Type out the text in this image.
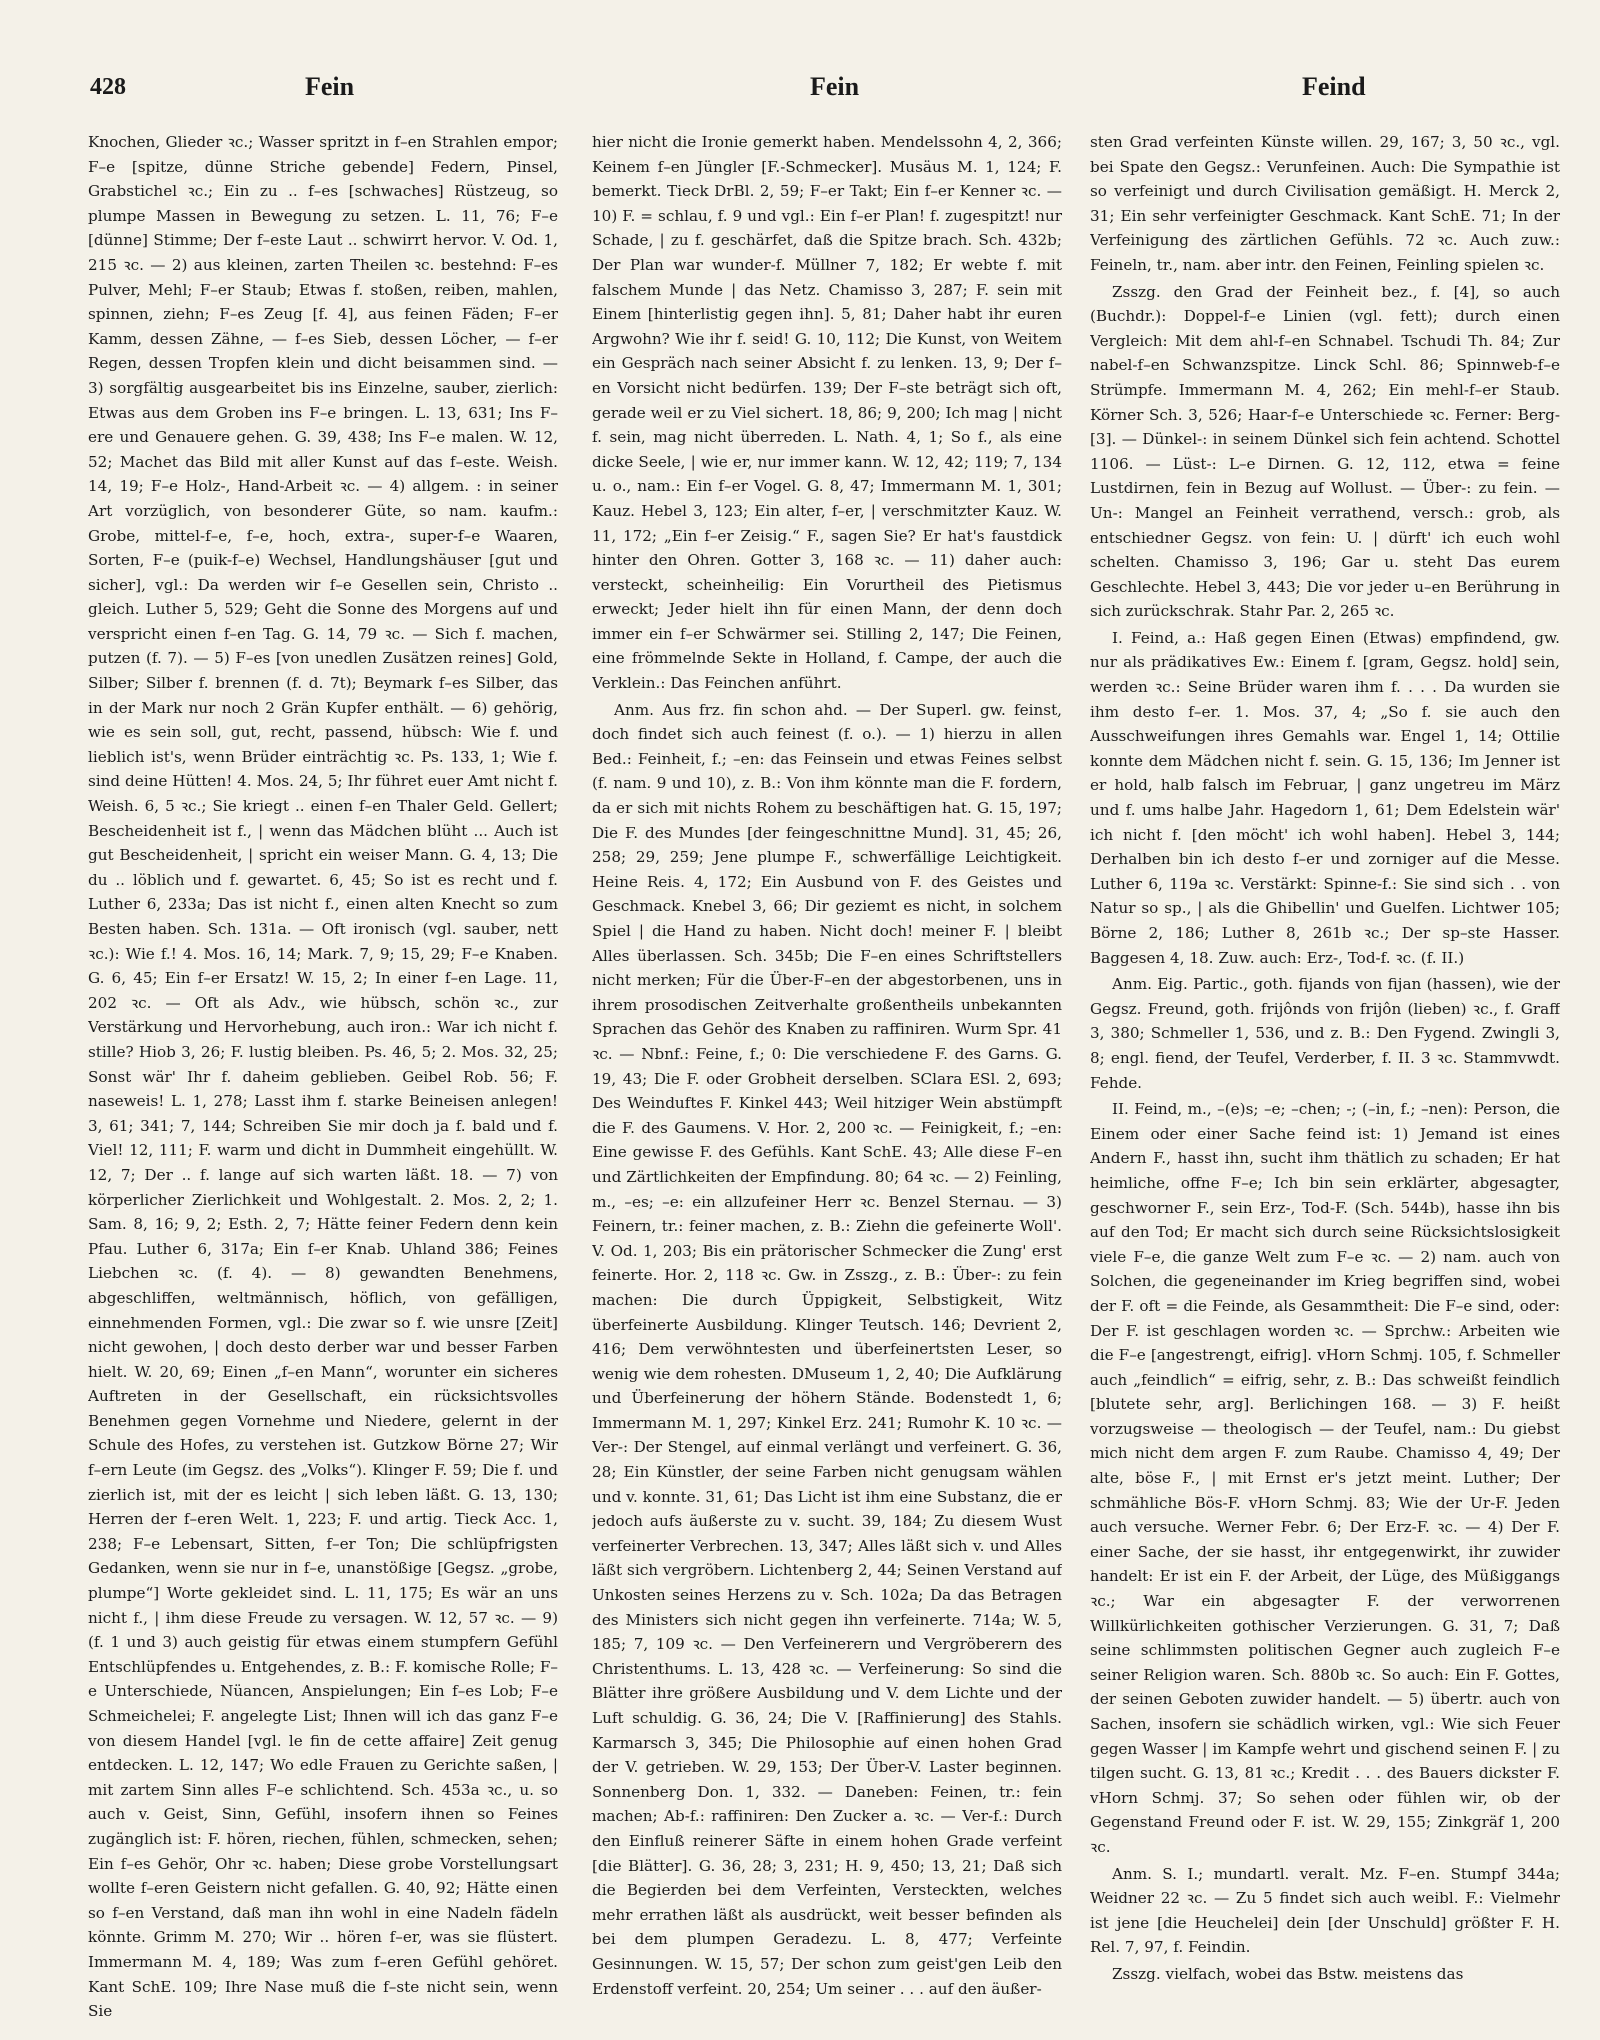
428	Fein	Fein	Feind

Knochen, Glieder ꝛc.; Wasser spritzt in f–en Strahlen empor; F–e [spitze, dünne Striche gebende] Federn, Pinsel, Grabstichel ꝛc.; Ein zu .. f–es [schwaches] Rüstzeug, so plumpe Massen in Bewegung zu setzen. L. 11, 76; F–e [dünne] Stimme; Der f–este Laut .. schwirrt hervor. V. Od. 1, 215 ꝛc. — 2) aus kleinen, zarten Theilen ꝛc. bestehnd: F–es Pulver, Mehl; F–er Staub; Etwas f. stoßen, reiben, mahlen, spinnen, ziehn; F–es Zeug [f. 4], aus feinen Fäden; F–er Kamm, dessen Zähne, — f–es Sieb, dessen Löcher, — f–er Regen, dessen Tropfen klein und dicht beisammen sind. — 3) sorgfältig ausgearbeitet bis ins Einzelne, sauber, zierlich: Etwas aus dem Groben ins F–e bringen. L. 13, 631; Ins F–ere und Genauere gehen. G. 39, 438; Ins F–e malen. W. 12, 52; Machet das Bild mit aller Kunst auf das f–este. Weish. 14, 19; F–e Holz-, Hand-Arbeit ꝛc. — 4) allgem. : in seiner Art vorzüglich, von besonderer Güte, so nam. kaufm.: Grobe, mittel-f–e, f–e, hoch, extra-, super-f–e Waaren, Sorten, F–e (puik-f–e) Wechsel, Handlungshäuser [gut und sicher], vgl.: Da werden wir f–e Gesellen sein, Christo .. gleich. Luther 5, 529; Geht die Sonne des Morgens auf und verspricht einen f–en Tag. G. 14, 79 ꝛc. — Sich f. machen, putzen (f. 7). — 5) F–es [von unedlen Zusätzen reines] Gold, Silber; Silber f. brennen (f. d. 7t); Beymark f–es Silber, das in der Mark nur noch 2 Grän Kupfer enthält. — 6) gehörig, wie es sein soll, gut, recht, passend, hübsch: Wie f. und lieblich ist's, wenn Brüder einträchtig ꝛc. Ps. 133, 1; Wie f. sind deine Hütten! 4. Mos. 24, 5; Ihr führet euer Amt nicht f. Weish. 6, 5 ꝛc.; Sie kriegt .. einen f–en Thaler Geld. Gellert; Bescheidenheit ist f., | wenn das Mädchen blüht ... Auch ist gut Bescheidenheit, | spricht ein weiser Mann. G. 4, 13; Die du .. löblich und f. gewartet. 6, 45; So ist es recht und f. Luther 6, 233a; Das ist nicht f., einen alten Knecht so zum Besten haben. Sch. 131a. — Oft ironisch (vgl. sauber, nett ꝛc.): Wie f.! 4. Mos. 16, 14; Mark. 7, 9; 15, 29; F–e Knaben. G. 6, 45; Ein f–er Ersatz! W. 15, 2; In einer f–en Lage. 11, 202 ꝛc. — Oft als Adv., wie hübsch, schön ꝛc., zur Verstärkung und Hervorhebung, auch iron.: War ich nicht f. stille? Hiob 3, 26; F. lustig bleiben. Ps. 46, 5; 2. Mos. 32, 25; Sonst wär' Ihr f. daheim geblieben. Geibel Rob. 56; F. naseweis! L. 1, 278; Lasst ihm f. starke Beineisen anlegen! 3, 61; 341; 7, 144; Schreiben Sie mir doch ja f. bald und f. Viel! 12, 111; F. warm und dicht in Dummheit eingehüllt. W. 12, 7; Der .. f. lange auf sich warten läßt. 18. — 7) von körperlicher Zierlichkeit und Wohlgestalt. 2. Mos. 2, 2; 1. Sam. 8, 16; 9, 2; Esth. 2, 7; Hätte feiner Federn denn kein Pfau. Luther 6, 317a; Ein f–er Knab. Uhland 386; Feines Liebchen ꝛc. (f. 4). — 8) gewandten Benehmens, abgeschliffen, weltmännisch, höflich, von gefälligen, einnehmenden Formen, vgl.: Die zwar so f. wie unsre [Zeit] nicht gewohen, | doch desto derber war und besser Farben hielt. W. 20, 69; Einen „f–en Mann“, worunter ein sicheres Auftreten in der Gesellschaft, ein rücksichtsvolles Benehmen gegen Vornehme und Niedere, gelernt in der Schule des Hofes, zu verstehen ist. Gutzkow Börne 27; Wir f–ern Leute (im Gegsz. des „Volks“). Klinger F. 59; Die f. und zierlich ist, mit der es leicht | sich leben läßt. G. 13, 130; Herren der f–eren Welt. 1, 223; F. und artig. Tieck Acc. 1, 238; F–e Lebensart, Sitten, f–er Ton; Die schlüpfrigsten Gedanken, wenn sie nur in f–e, unanstößige [Gegsz. „grobe, plumpe“] Worte gekleidet sind. L. 11, 175; Es wär an uns nicht f., | ihm diese Freude zu versagen. W. 12, 57 ꝛc. — 9) (f. 1 und 3) auch geistig für etwas einem stumpfern Gefühl Entschlüpfendes u. Entgehendes, z. B.: F. komische Rolle; F–e Unterschiede, Nüancen, Anspielungen; Ein f–es Lob; F–e Schmeichelei; F. angelegte List; Ihnen will ich das ganz F–e von diesem Handel [vgl. le fin de cette affaire] Zeit genug entdecken. L. 12, 147; Wo edle Frauen zu Gerichte saßen, | mit zartem Sinn alles F–e schlichtend. Sch. 453a ꝛc., u. so auch v. Geist, Sinn, Gefühl, insofern ihnen so Feines zugänglich ist: F. hören, riechen, fühlen, schmecken, sehen; Ein f–es Gehör, Ohr ꝛc. haben; Diese grobe Vorstellungsart wollte f–eren Geistern nicht gefallen. G. 40, 92; Hätte einen so f–en Verstand, daß man ihn wohl in eine Nadeln fädeln könnte. Grimm M. 270; Wir .. hören f–er, was sie flüstert. Immermann M. 4, 189; Was zum f–eren Gefühl gehöret. Kant SchE. 109; Ihre Nase muß die f–ste nicht sein, wenn Sie

hier nicht die Ironie gemerkt haben. Mendelssohn 4, 2, 366; Keinem f–en Jüngler [F.-Schmecker]. Musäus M. 1, 124; F. bemerkt. Tieck DrBl. 2, 59; F–er Takt; Ein f–er Kenner ꝛc. — 10) F. = schlau, f. 9 und vgl.: Ein f–er Plan! f. zugespitzt! nur Schade, | zu f. geschärfet, daß die Spitze brach. Sch. 432b; Der Plan war wunder-f. Müllner 7, 182; Er webte f. mit falschem Munde | das Netz. Chamisso 3, 287; F. sein mit Einem [hinterlistig gegen ihn]. 5, 81; Daher habt ihr euren Argwohn? Wie ihr f. seid! G. 10, 112; Die Kunst, von Weitem ein Gespräch nach seiner Absicht f. zu lenken. 13, 9; Der f–en Vorsicht nicht bedürfen. 139; Der F–ste beträgt sich oft, gerade weil er zu Viel sichert. 18, 86; 9, 200; Ich mag | nicht f. sein, mag nicht überreden. L. Nath. 4, 1; So f., als eine dicke Seele, | wie er, nur immer kann. W. 12, 42; 119; 7, 134 u. o., nam.: Ein f–er Vogel. G. 8, 47; Immermann M. 1, 301; Kauz. Hebel 3, 123; Ein alter, f–er, | verschmitzter Kauz. W. 11, 172; „Ein f–er Zeisig.“ F., sagen Sie? Er hat's faustdick hinter den Ohren. Gotter 3, 168 ꝛc. — 11) daher auch: versteckt, scheinheilig: Ein Vorurtheil des Pietismus erweckt; Jeder hielt ihn für einen Mann, der denn doch immer ein f–er Schwärmer sei. Stilling 2, 147; Die Feinen, eine frömmelnde Sekte in Holland, f. Campe, der auch die Verklein.: Das Feinchen anführt.

Anm. Aus frz. fin schon ahd. — Der Superl. gw. feinst, doch findet sich auch feinest (f. o.). — 1) hierzu in allen Bed.: Feinheit, f.; –en: das Feinsein und etwas Feines selbst (f. nam. 9 und 10), z. B.: Von ihm könnte man die F. fordern, da er sich mit nichts Rohem zu beschäftigen hat. G. 15, 197; Die F. des Mundes [der feingeschnittne Mund]. 31, 45; 26, 258; 29, 259; Jene plumpe F., schwerfällige Leichtigkeit. Heine Reis. 4, 172; Ein Ausbund von F. des Geistes und Geschmack. Knebel 3, 66; Dir geziemt es nicht, in solchem Spiel | die Hand zu haben. Nicht doch! meiner F. | bleibt Alles überlassen. Sch. 345b; Die F–en eines Schriftstellers nicht merken; Für die Über-F–en der abgestorbenen, uns in ihrem prosodischen Zeitverhalte großentheils unbekannten Sprachen das Gehör des Knaben zu raffiniren. Wurm Spr. 41 ꝛc. — Nbnf.: Feine, f.; 0: Die verschiedene F. des Garns. G. 19, 43; Die F. oder Grobheit derselben. SClara ESl. 2, 693; Des Weinduftes F. Kinkel 443; Weil hitziger Wein abstümpft die F. des Gaumens. V. Hor. 2, 200 ꝛc. — Feinigkeit, f.; –en: Eine gewisse F. des Gefühls. Kant SchE. 43; Alle diese F–en und Zärtlichkeiten der Empfindung. 80; 64 ꝛc. — 2) Feinling, m., –es; –e: ein allzufeiner Herr ꝛc. Benzel Sternau. — 3) Feinern, tr.: feiner machen, z. B.: Ziehn die gefeinerte Woll'. V. Od. 1, 203; Bis ein prätorischer Schmecker die Zung' erst feinerte. Hor. 2, 118 ꝛc. Gw. in Zsszg., z. B.: Über-: zu fein machen: Die durch Üppigkeit, Selbstigkeit, Witz überfeinerte Ausbildung. Klinger Teutsch. 146; Devrient 2, 416; Dem verwöhntesten und überfeinertsten Leser, so wenig wie dem rohesten. DMuseum 1, 2, 40; Die Aufklärung und Überfeinerung der höhern Stände. Bodenstedt 1, 6; Immermann M. 1, 297; Kinkel Erz. 241; Rumohr K. 10 ꝛc. — Ver-: Der Stengel, auf einmal verlängt und verfeinert. G. 36, 28; Ein Künstler, der seine Farben nicht genugsam wählen und v. konnte. 31, 61; Das Licht ist ihm eine Substanz, die er jedoch aufs äußerste zu v. sucht. 39, 184; Zu diesem Wust verfeinerter Verbrechen. 13, 347; Alles läßt sich v. und Alles läßt sich vergröbern. Lichtenberg 2, 44; Seinen Verstand auf Unkosten seines Herzens zu v. Sch. 102a; Da das Betragen des Ministers sich nicht gegen ihn verfeinerte. 714a; W. 5, 185; 7, 109 ꝛc. — Den Verfeinerern und Vergröberern des Christenthums. L. 13, 428 ꝛc. — Verfeinerung: So sind die Blätter ihre größere Ausbildung und V. dem Lichte und der Luft schuldig. G. 36, 24; Die V. [Raffinierung] des Stahls. Karmarsch 3, 345; Die Philosophie auf einen hohen Grad der V. getrieben. W. 29, 153; Der Über-V. Laster beginnen. Sonnenberg Don. 1, 332. — Daneben: Feinen, tr.: fein machen; Ab-f.: raffiniren: Den Zucker a. ꝛc. — Ver-f.: Durch den Einfluß reinerer Säfte in einem hohen Grade verfeint [die Blätter]. G. 36, 28; 3, 231; H. 9, 450; 13, 21; Daß sich die Begierden bei dem Verfeinten, Versteckten, welches mehr errathen läßt als ausdrückt, weit besser befinden als bei dem plumpen Geradezu. L. 8, 477; Verfeinte Gesinnungen. W. 15, 57; Der schon zum geist'gen Leib den Erdenstoff verfeint. 20, 254; Um seiner . . . auf den äußer-

sten Grad verfeinten Künste willen. 29, 167; 3, 50 ꝛc., vgl. bei Spate den Gegsz.: Verunfeinen. Auch: Die Sympathie ist so verfeinigt und durch Civilisation gemäßigt. H. Merck 2, 31; Ein sehr verfeinigter Geschmack. Kant SchE. 71; In der Verfeinigung des zärtlichen Gefühls. 72 ꝛc. Auch zuw.: Feineln, tr., nam. aber intr. den Feinen, Feinling spielen ꝛc.

Zsszg. den Grad der Feinheit bez., f. [4], so auch (Buchdr.): Doppel-f–e Linien (vgl. fett); durch einen Vergleich: Mit dem ahl-f–en Schnabel. Tschudi Th. 84; Zur nabel-f–en Schwanzspitze. Linck Schl. 86; Spinnweb-f–e Strümpfe. Immermann M. 4, 262; Ein mehl-f–er Staub. Körner Sch. 3, 526; Haar-f–e Unterschiede ꝛc. Ferner: Berg-[3]. — Dünkel-: in seinem Dünkel sich fein achtend. Schottel 1106. — Lüst-: L–e Dirnen. G. 12, 112, etwa = feine Lustdirnen, fein in Bezug auf Wollust. — Über-: zu fein. — Un-: Mangel an Feinheit verrathend, versch.: grob, als entschiedner Gegsz. von fein: U. | dürft' ich euch wohl schelten. Chamisso 3, 196; Gar u. steht Das eurem Geschlechte. Hebel 3, 443; Die vor jeder u–en Berührung in sich zurückschrak. Stahr Par. 2, 265 ꝛc.

I. Feind, a.: Haß gegen Einen (Etwas) empfindend, gw. nur als prädikatives Ew.: Einem f. [gram, Gegsz. hold] sein, werden ꝛc.: Seine Brüder waren ihm f. . . . Da wurden sie ihm desto f–er. 1. Mos. 37, 4; „So f. sie auch den Ausschweifungen ihres Gemahls war. Engel 1, 14; Ottilie konnte dem Mädchen nicht f. sein. G. 15, 136; Im Jenner ist er hold, halb falsch im Februar, | ganz ungetreu im März und f. ums halbe Jahr. Hagedorn 1, 61; Dem Edelstein wär' ich nicht f. [den möcht' ich wohl haben]. Hebel 3, 144; Derhalben bin ich desto f–er und zorniger auf die Messe. Luther 6, 119a ꝛc. Verstärkt: Spinne-f.: Sie sind sich . . von Natur so sp., | als die Ghibellin' und Guelfen. Lichtwer 105; Börne 2, 186; Luther 8, 261b ꝛc.; Der sp–ste Hasser. Baggesen 4, 18. Zuw. auch: Erz-, Tod-f. ꝛc. (f. II.)

Anm. Eig. Partic., goth. fijands von fijan (hassen), wie der Gegsz. Freund, goth. frijônds von frijôn (lieben) ꝛc., f. Graff 3, 380; Schmeller 1, 536, und z. B.: Den Fygend. Zwingli 3, 8; engl. fiend, der Teufel, Verderber, f. II. 3 ꝛc. Stammvwdt. Fehde.

II. Feind, m., –(e)s; –e; –chen; -; (–in, f.; –nen): Person, die Einem oder einer Sache feind ist: 1) Jemand ist eines Andern F., hasst ihn, sucht ihm thätlich zu schaden; Er hat heimliche, offne F–e; Ich bin sein erklärter, abgesagter, geschworner F., sein Erz-, Tod-F. (Sch. 544b), hasse ihn bis auf den Tod; Er macht sich durch seine Rücksichtslosigkeit viele F–e, die ganze Welt zum F–e ꝛc. — 2) nam. auch von Solchen, die gegeneinander im Krieg begriffen sind, wobei der F. oft = die Feinde, als Gesammtheit: Die F–e sind, oder: Der F. ist geschlagen worden ꝛc. — Sprchw.: Arbeiten wie die F–e [angestrengt, eifrig]. vHorn Schmj. 105, f. Schmeller auch „feindlich“ = eifrig, sehr, z. B.: Das schweißt feindlich [blutete sehr, arg]. Berlichingen 168. — 3) F. heißt vorzugsweise — theologisch — der Teufel, nam.: Du giebst mich nicht dem argen F. zum Raube. Chamisso 4, 49; Der alte, böse F., | mit Ernst er's jetzt meint. Luther; Der schmähliche Bös-F. vHorn Schmj. 83; Wie der Ur-F. Jeden auch versuche. Werner Febr. 6; Der Erz-F. ꝛc. — 4) Der F. einer Sache, der sie hasst, ihr entgegenwirkt, ihr zuwider handelt: Er ist ein F. der Arbeit, der Lüge, des Müßiggangs ꝛc.; War ein abgesagter F. der verworrenen Willkürlichkeiten gothischer Verzierungen. G. 31, 7; Daß seine schlimmsten politischen Gegner auch zugleich F–e seiner Religion waren. Sch. 880b ꝛc. So auch: Ein F. Gottes, der seinen Geboten zuwider handelt. — 5) übertr. auch von Sachen, insofern sie schädlich wirken, vgl.: Wie sich Feuer gegen Wasser | im Kampfe wehrt und gischend seinen F. | zu tilgen sucht. G. 13, 81 ꝛc.; Kredit . . . des Bauers dickster F. vHorn Schmj. 37; So sehen oder fühlen wir, ob der Gegenstand Freund oder F. ist. W. 29, 155; Zinkgräf 1, 200 ꝛc.

Anm. S. I.; mundartl. veralt. Mz. F–en. Stumpf 344a; Weidner 22 ꝛc. — Zu 5 findet sich auch weibl. F.: Vielmehr ist jene [die Heuchelei] dein [der Unschuld] größter F. H. Rel. 7, 97, f. Feindin.

Zsszg. vielfach, wobei das Bstw. meistens das
